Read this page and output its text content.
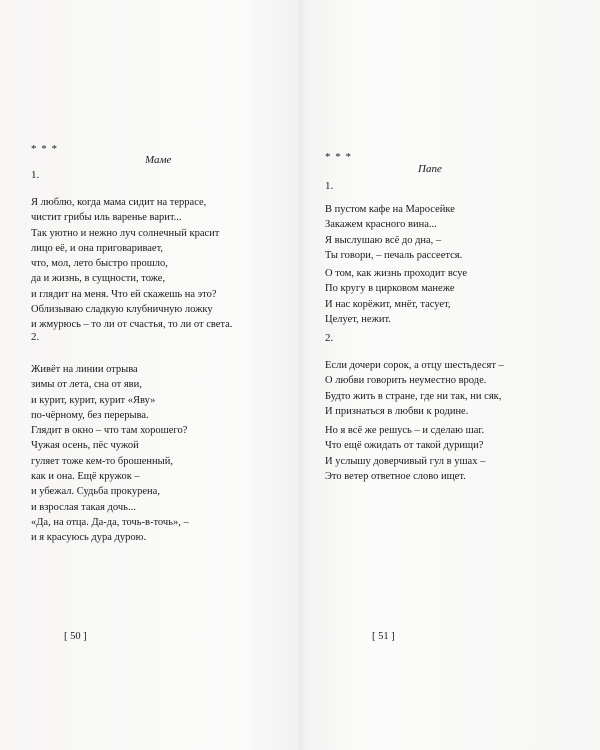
* * *
Маме
1.
Я люблю, когда мама сидит на террасе,
чистит грибы иль варенье варит...
Так уютно и нежно луч солнечный красит
лицо её, и она приговаривает,
что, мол, лето быстро прошло,
да и жизнь, в сущности, тоже,
и глядит на меня. Что ей скажешь на это?
Облизываю сладкую клубничную ложку
и жмурюсь – то ли от счастья, то ли от света.
2.
Живёт на линии отрыва
зимы от лета, сна от яви,
и курит, курит, курит «Яву»
по-чёрному, без перерыва.
Глядит в окно – что там хорошего?
Чужая осень, пёс чужой
гуляет тоже кем-то брошенный,
как и она. Ещё кружок –
и убежал. Судьба прокурена,
и взрослая такая дочь...
«Да, на отца. Да-да, точь-в-точь», –
и я красуюсь дура дурою.
[ 50 ]
* * *
Папе
1.
В пустом кафе на Маросейке
Закажем красного вина...
Я выслушаю всё до дна, –
Ты говори, – печаль рассеется.
О том, как жизнь проходит всуе
По кругу в цирковом манеже
И нас корёжит, мнёт, тасует,
Целует, нежит.
2.
Если дочери сорок, а отцу шестьдесят –
О любви говорить неуместно вроде.
Будто жить в стране, где ни так, ни сяк,
И признаться в любви к родине.
Но я всё же решусь – и сделаю шаг.
Что ещё ожидать от такой дурищи?
И услышу доверчивый гул в ушах –
Это ветер ответное слово ищет.
[ 51 ]
